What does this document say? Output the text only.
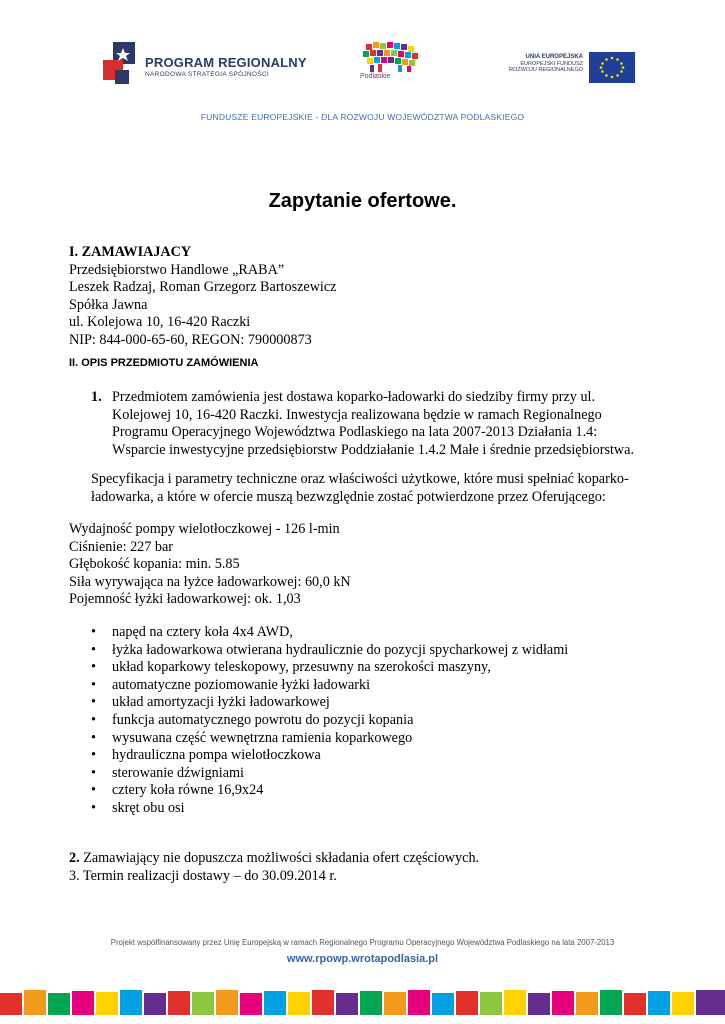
PROGRAM REGIONALNY
NARODOWA STRATEGIA SPÓJNOŚCI	Podlaskie
UNIA EUROPEJSKA
EUROPEJSKI FUNDUSZ
ROZWOJU REGIONALNEGO
FUNDUSZE EUROPEJSKIE - DLA ROZWOJU WOJEWÓDZTWA PODLASKIEGO
Zapytanie ofertowe.
I. ZAMAWIAJACY
Przedsiębiorstwo Handlowe „RABA”
Leszek Radzaj, Roman Grzegorz Bartoszewicz
Spółka Jawna
ul. Kolejowa 10, 16-420 Raczki
NIP: 844-000-65-60, REGON: 790000873
II. OPIS PRZEDMIOTU ZAMÓWIENIA
1. Przedmiotem zamówienia jest dostawa koparko-ładowarki do siedziby firmy przy ul.
Kolejowej 10, 16-420 Raczki. Inwestycja realizowana będzie w ramach Regionalnego
Programu Operacyjnego Województwa Podlaskiego na lata 2007-2013 Działania 1.4:
Wsparcie inwestycyjne przedsiębiorstw Poddziałanie 1.4.2 Małe i średnie przedsiębiorstwa.
Specyfikacja i parametry techniczne oraz właściwości użytkowe, które musi spełniać koparko-
ładowarka, a które w ofercie muszą bezwzględnie zostać potwierdzone przez Oferującego:
Wydajność pompy wielotłoczkowej - 126 l-min
Ciśnienie: 227 bar
Głębokość kopania: min. 5.85
Siła wyrywająca na łyżce ładowarkowej: 60,0 kN
Pojemność łyżki ładowarkowej: ok. 1,03
• napęd na cztery koła 4x4 AWD,
• łyżka ładowarkowa otwierana hydraulicznie do pozycji spycharkowej z widłami
• układ koparkowy teleskopowy, przesuwny na szerokości maszyny,
• automatyczne poziomowanie łyżki ładowarki
• układ amortyzacji łyżki ładowarkowej
• funkcja automatycznego powrotu do pozycji kopania
• wysuwana część wewnętrzna ramienia koparkowego
• hydrauliczna pompa wielotłoczkowa
• sterowanie dźwigniami
• cztery koła równe 16,9x24
• skręt obu osi
2. Zamawiający nie dopuszcza możliwości składania ofert częściowych.
3. Termin realizacji dostawy – do 30.09.2014 r.
Projekt współfinansowany przez Unię Europejską w ramach Regionalnego Programu Operacyjnego Województwa Podlaskiego na lata 2007-2013
www.rpowp.wrotapodlasia.pl
